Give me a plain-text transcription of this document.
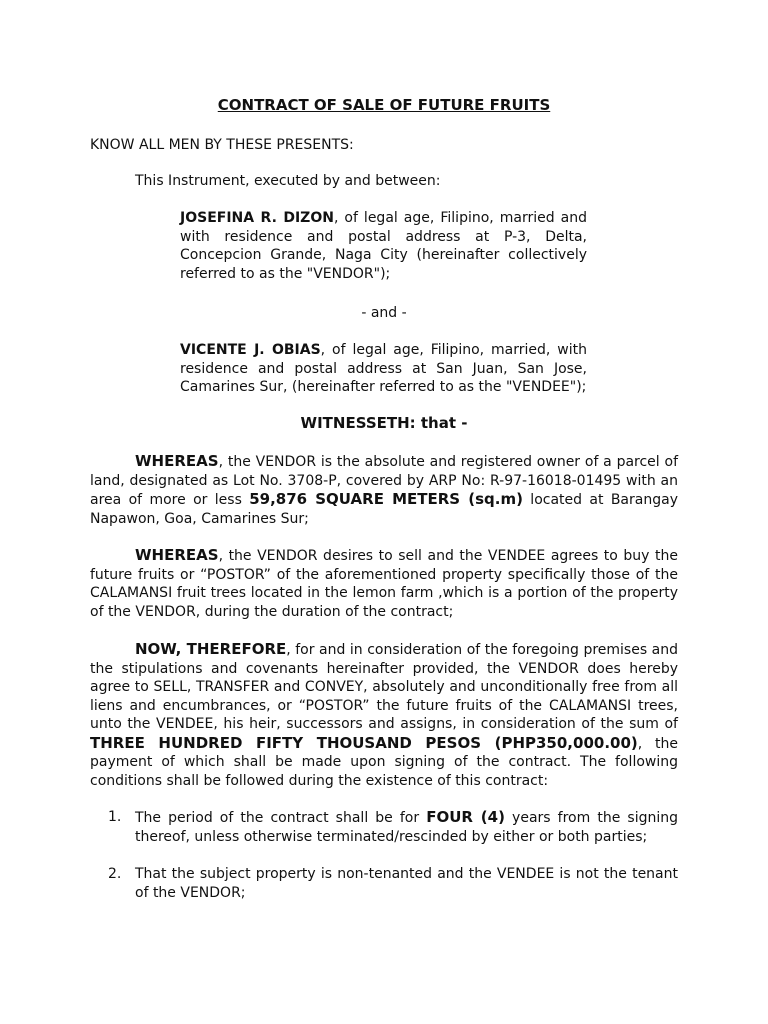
CONTRACT OF SALE OF FUTURE FRUITS

KNOW ALL MEN BY THESE PRESENTS:

This Instrument, executed by and between:

JOSEFINA R. DIZON, of legal age, Filipino, married and with residence and postal address at P-3, Delta, Concepcion Grande, Naga City (hereinafter collectively referred to as the "VENDOR");

- and -

VICENTE J. OBIAS, of legal age, Filipino, married, with residence and postal address at San Juan, San Jose, Camarines Sur, (hereinafter referred to as the "VENDEE");

WITNESSETH: that -

WHEREAS, the VENDOR is the absolute and registered owner of a parcel of land, designated as Lot No. 3708-P, covered by ARP No: R-97-16018-01495 with an area of more or less 59,876 SQUARE METERS (sq.m) located at Barangay Napawon, Goa, Camarines Sur;

WHEREAS, the VENDOR desires to sell and the VENDEE agrees to buy the future fruits or “POSTOR” of the aforementioned property specifically those of the CALAMANSI fruit trees located in the lemon farm ,which is a portion of the property of the VENDOR, during the duration of the contract;

NOW, THEREFORE, for and in consideration of the foregoing premises and the stipulations and covenants hereinafter provided, the VENDOR does hereby agree to SELL, TRANSFER and CONVEY, absolutely and unconditionally free from all liens and encumbrances, or “POSTOR” the future fruits of the CALAMANSI trees, unto the VENDEE, his heir, successors and assigns, in consideration of the sum of THREE HUNDRED FIFTY THOUSAND PESOS (PHP350,000.00), the payment of which shall be made upon signing of the contract. The following conditions shall be followed during the existence of this contract:

1. The period of the contract shall be for FOUR (4) years from the signing thereof, unless otherwise terminated/rescinded by either or both parties;

2. That the subject property is non-tenanted and the VENDEE is not the tenant of the VENDOR;
